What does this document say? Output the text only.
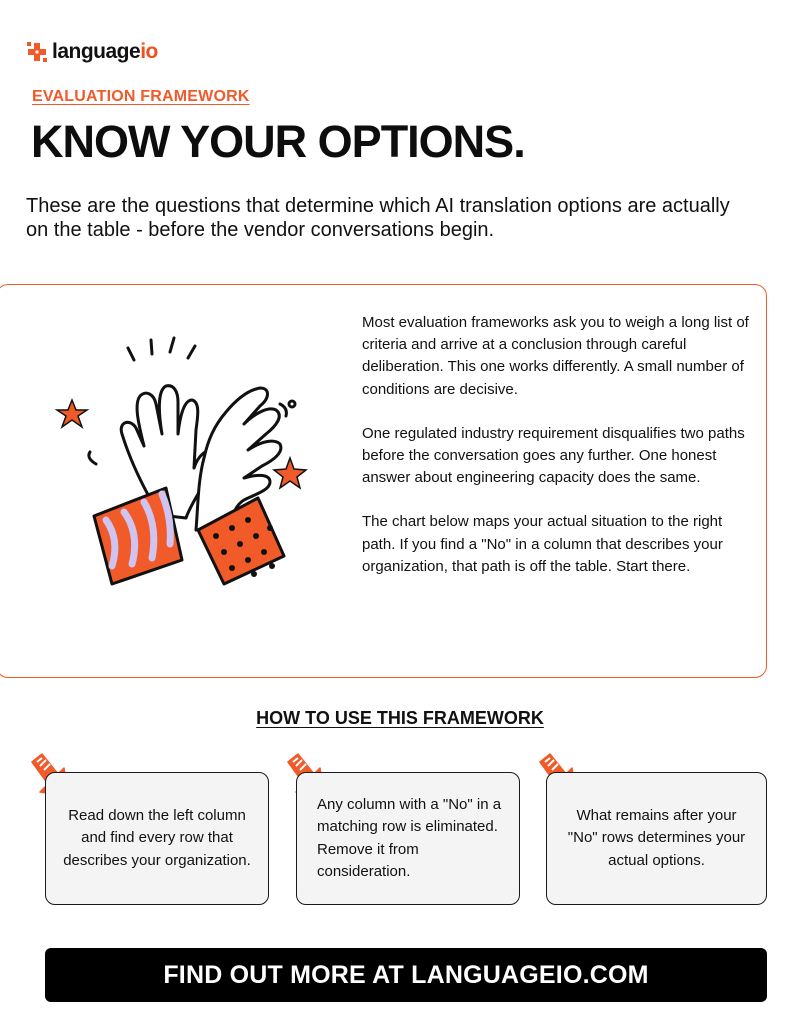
languageio
EVALUATION FRAMEWORK
KNOW YOUR OPTIONS.

These are the questions that determine which AI translation options are actually on the table - before the vendor conversations begin.

Most evaluation frameworks ask you to weigh a long list of criteria and arrive at a conclusion through careful deliberation. This one works differently. A small number of conditions are decisive.

One regulated industry requirement disqualifies two paths before the conversation goes any further. One honest answer about engineering capacity does the same.

The chart below maps your actual situation to the right path. If you find a "No" in a column that describes your organization, that path is off the table. Start there.

HOW TO USE THIS FRAMEWORK
Read down the left column and find every row that describes your organization.
Any column with a "No" in a matching row is eliminated. Remove it from consideration.
What remains after your "No" rows determines your actual options.
FIND OUT MORE AT LANGUAGEIO.COM
